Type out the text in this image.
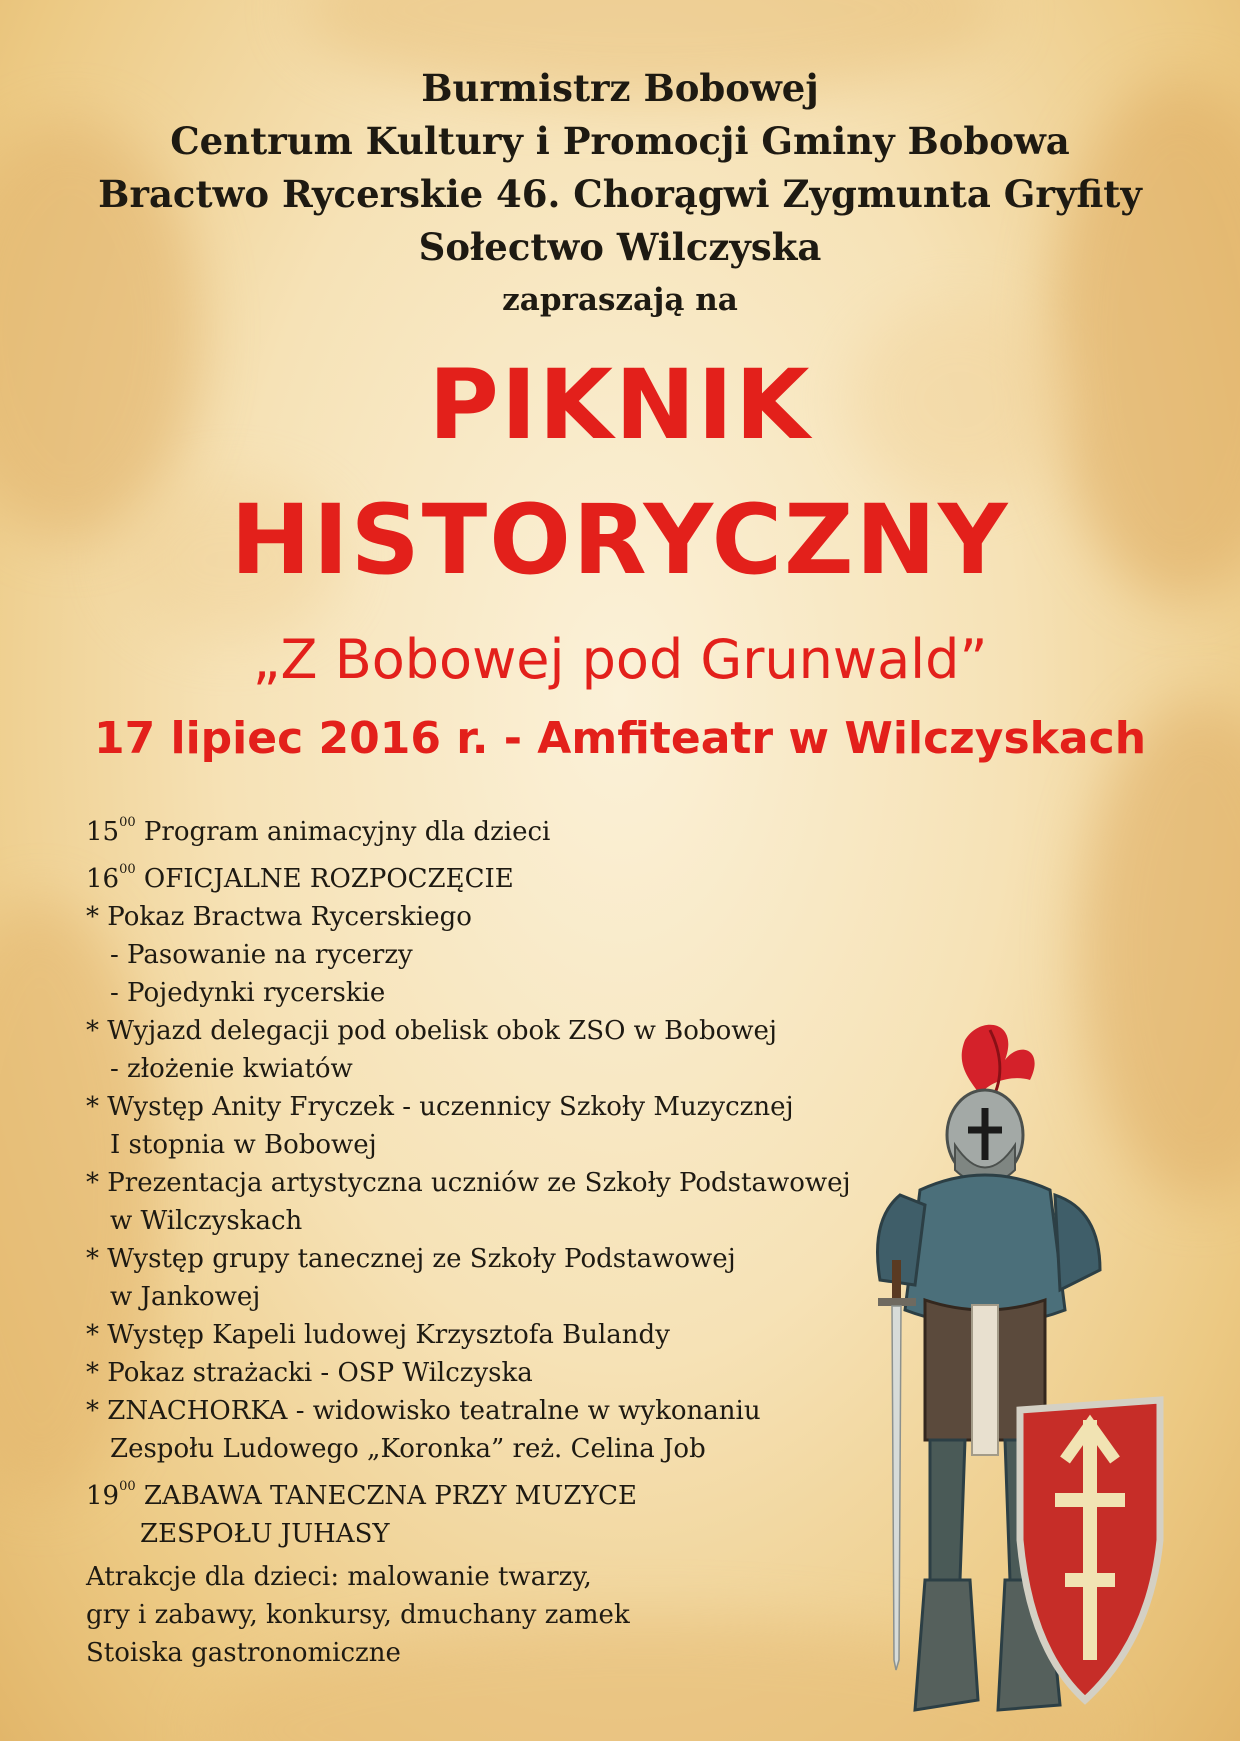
Burmistrz Bobowej
Centrum Kultury i Promocji Gminy Bobowa
Bractwo Rycerskie 46. Chorągwi Zygmunta Gryfity
Sołectwo Wilczyska
zapraszają na
PIKNIK
HISTORYCZNY
„Z Bobowej pod Grunwald”
17 lipiec 2016 r. - Amfiteatr w Wilczyskach
$15^{00}$ Program animacyjny dla dzieci
$16^{00}$ OFICJALNE ROZPOCZĘCIE
* Pokaz Bractwa Rycerskiego
- Pasowanie na rycerzy
- Pojedynki rycerskie
* Wyjazd delegacji pod obelisk obok ZSO w Bobowej
- złożenie kwiatów
* Występ Anity Fryczek - uczennicy Szkoły Muzycznej
I stopnia w Bobowej
* Prezentacja artystyczna uczniów ze Szkoły Podstawowej
w Wilczyskach
* Występ grupy tanecznej ze Szkoły Podstawowej
w Jankowej
* Występ Kapeli ludowej Krzysztofa Bulandy
* Pokaz strażacki - OSP Wilczyska
* ZNACHORKA - widowisko teatralne w wykonaniu
Zespołu Ludowego „Koronka” reż. Celina Job
$19^{00}$ ZABAWA TANECZNA PRZY MUZYCE
ZESPOŁU JUHASY
Atrakcje dla dzieci: malowanie twarzy,
gry i zabawy, konkursy, dmuchany zamek
Stoiska gastronomiczne
